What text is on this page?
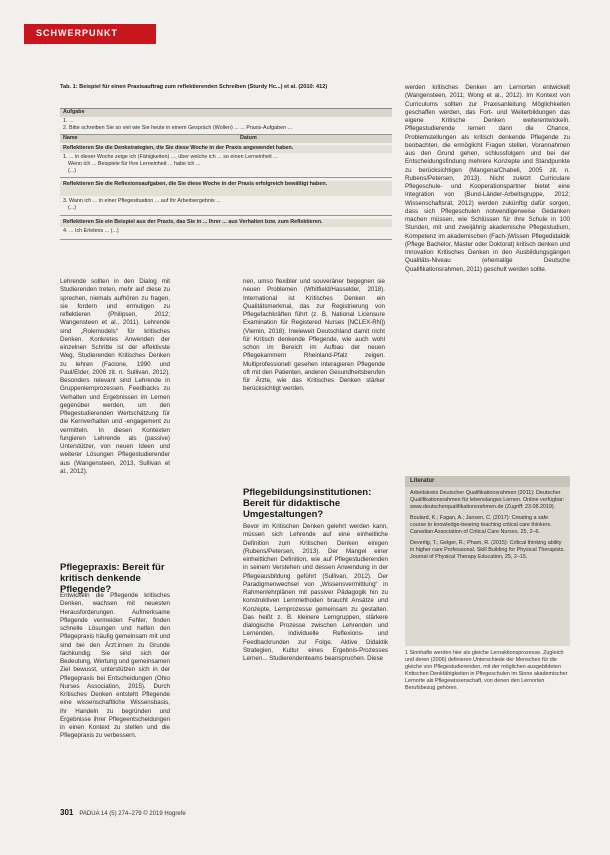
SCHWERPUNKT
Tab. 1: Beispiel für einen Praxisauftrag zum reflektierenden Schreiben (Sturdy Hc...) et al. (2010: 412)
Aufgabe
1. ...
2. Bitte schreiben Sie so viel wie Sie heute in einem Gespräch (Wollen) ... ... Praxis-Aufgaben ...
Name	Datum
Reflektieren Sie die Denkstrategien, die Sie diese Woche in der Praxis angewendet haben.
1. ... in dieser Woche zeige ich (Fähigkeiten) ..., über welche ich ... so einen Lerneinheit ...
Wenn ich ... Beispiele für Ihre Lerneinheit ... habe ich ...
(...)
Reflektieren Sie die Reflexionsaufgaben, die Sie diese Woche in der Praxis erfolgreich bewältigt haben.
3. Wann ich ... in einer Pflegesituation ... auf Ihr Arbeitsergebnis ...
(...)
Reflektieren Sie ein Beispiel aus der Praxis, das Sie in ... Ihrer ... aus Verhalten bzw. zum Reflektieren.
4. ... Ich Erlebnis ... (...)

Lehrende sollten in den Dialog mit Studierenden treten, mehr auf diese zu sprechen, niemals aufhören zu fragen, sie fordern und ermutigen zu reflektieren (Philipsen, 2012; Wangensteen et al., 2011). Lehrende sind „Rolemodels“ für kritisches Denken. Konkretes Anwenden der einzelnen Schritte ist der effektivste Weg, Studierenden Kritisches Denken zu lehren (Facione, 1990 und Paul/Elder, 2006 zit. n. Sullivan, 2012). Besonders relevant sind Lehrende in Gruppenlernprozessen. Feedbacks zu Verhalten und Ergebnissen im Lernen gegenüber werden, um den Pflegestudierenden Wertschätzung für die Kernverhalten und -engagement zu vermitteln. In diesen Kontexten fungieren Lehrende als (passive) Unterstützer, von neuen Ideen und weiterer Lösungen Pflegestudierender aus (Wangensteen, 2013, Sullivan et al., 2012).

Pflegepraxis: Bereit für kritisch denkende Pflegende?

Entwickeln die Pflegende kritisches Denken, wachsen mit neuesten Herausforderungen. Aufmerksame Pflegende vermeiden Fehler, finden schnelle Lösungen und helfen den Pflegepraxis häufig gemeinsam mit und sind bei den Ärzt:innen zu Grunde fachkundig. Sie sind sich der Bedeutung, Wertung und gemeinsamen Ziel bewusst, unterstützen sich in der Pflegepraxis bei Entscheidungen (Ohio Nurses Association, 2015). Durch Kritisches Denken entsteht Pflegende eine wissenschaftliche Wissensbasis, ihr Handeln zu begründen und Ergebnisse ihrer Pflegeentscheidungen in einen Kontext zu stellen und die Pflegepraxis zu verbessern.

nen, umso flexibler und souveräner begegnen sie neuen Problemen (Whitfield/Hasselder, 2018). International ist Kritisches Denken ein Qualitätsmerkmal, das zur Registrierung von Pflegefachkräften führt (z. B. National Licensure Examination für Registered Nurses [NCLEX-RN]) (Vlemin, 2018). Inwieweit Deutschland damit nicht für Kritisch denkende Pflegende, wie auch wohl schon im Bereich im Aufbau der neuen Pflegekammern Rheinland-Pfalz zeigen. Multiprofessionell gesehen interagieren Pflegende oft mit den Patienten, anderen Gesundheitsberufen für Ärzte, wie das Kritisches Denken stärker berücksichtigt werden.

Pflegebildungsinstitutionen: Bereit für didaktische Umgestaltungen?

Bevor im Kritischen Denken gelehrt werden kann, müssen sich Lehrende auf eine einheitliche Definition zum Kritischen Denken einigen (Rubens/Petersen, 2013). Der Mangel einer einheitlichen Definition, wie auf Pflegestudierenden in seinem Verstehen und dessen Anwendung in der Pflegeausbildung geführt (Sullivan, 2012). Der Paradigmenwechsel von „Wissensvermittlung“ in Rahmenlehrplänen mit passiver Pädagogik hin zu konstruktiven Lernmethoden braucht Ansätze und Konzepte, Lernprozesse gemeinsam zu gestalten. Das heißt z. B. kleinere Lerngruppen, stärkere dialogische Prozesse zwischen Lehrenden und Lernenden, individuelle Reflexions- und Feedbackrunden zur Folge. Aktive Didaktik Strategien, Kultur eines Ergebnis-Prozesses Lernen... Studierendenteams beanspruchen. Diese

werden kritisches Denken am Lernorten entwickelt (Wangensteen, 2011; Wong et al., 2012). Im Kontext von Curriculums sollten zur Praxisanleitung Möglichkeiten geschaffen werden, das Fort- und Weiterbildungen das eigene Kritische Denken weiterentwickeln. Pflegestudierende lernen dann die Chance, Problemstellungen als kritisch denkende Pflegende zu beobachten, die ermöglicht Fragen stellen, Vorannahmen aus den Grund gehen, schlussfolgern und bei der Entscheidungsfindung mehrere Konzepte und Standpunkte zu berücksichtigen (Mangena/Chabeli, 2005 zit. n. Rubens/Petersen, 2013). Nicht zuletzt Curriculare Pflegeschule- und Kooperationspartner bietet eine Integration von (Bund-Länder-Arbeitsgruppe, 2012; Wissenschaftsrat, 2012) werden zukünftig dafür sorgen, dass sich Pflegeschulen notwendigerweise Gedanken machen müssen, wie Schlüssen für Ihre Schule in 100 Stunden, mit und zweijährig akademische Pflegestudium, Kompetenz im akademischen (Fach-)Wissen Pflegedidaktik (Pflege Bachelor, Master oder Doktorat) kritisch denken und Innovation Kritisches Denken in den Ausbildungsgängen Qualitäts-Niveau (ehemalige Deutsche Qualifikationsrahmen, 2011) geschult werden sollte.

Literatur
Arbeitskreis Deutscher Qualifikationsrahmen (2011): Deutscher Qualifikationsrahmen für lebenslanges Lernen. Online verfügbar: www.deutscherqualifikationsrahmen.de (Zugriff: 23.08.2019).
Boulard, K.; Fagan, A.; Jansen, C. (2017): Creating a safe course to knowledge-bearing teaching critical care thinkers. Canadian Association of Critical Care Nurses, 25, 2–6.
Deverlig, T.; Gelger, R.; Pham, R. (2015): Critical thinking ability in higher care Professional. Skill Building for Physical Therapists. Journal of Physical Therapy Education, 25, 2–15.
1 Sinnhafte werden hier als gleiche Lernaktionsprozesse. Zugleich und deren (2006) definieren Unterschiede der Menschen für die gleiche von Pflegestudierenden, mit der möglichen ausgebildeten Kritischen Denkfähigkeiten in Pflegeschulen im Sinne akademischer Lernorte als Pflegewissenschaft, von denen den Lernorten Berufsbezug gehören.
301 PADUA 14 (5) 274–279 © 2019 Hogrefe
